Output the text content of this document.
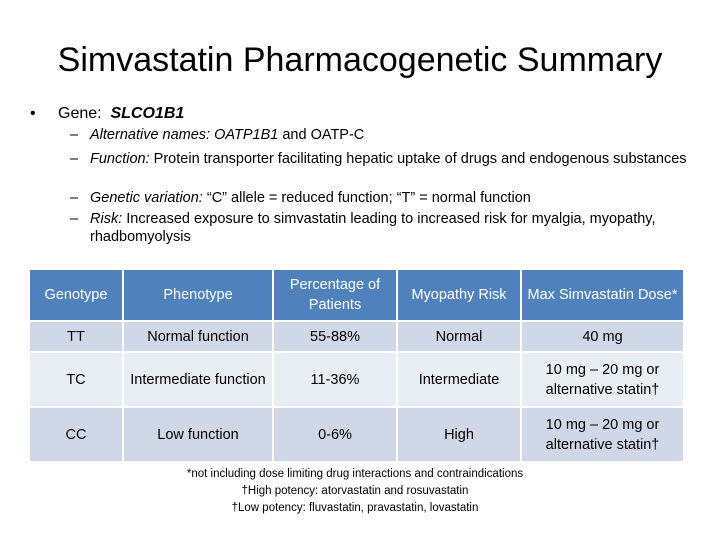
Simvastatin Pharmacogenetic Summary
• Gene: SLCO1B1
– Alternative names: OATP1B1 and OATP-C
– Function: Protein transporter facilitating hepatic uptake of drugs and endogenous substances
– Genetic variation: “C” allele = reduced function; “T” = normal function
– Risk: Increased exposure to simvastatin leading to increased risk for myalgia, myopathy, rhadbomyolysis
Genotype	Phenotype	Percentage of Patients	Myopathy Risk	Max Simvastatin Dose*
TT	Normal function	55-88%	Normal	40 mg
TC	Intermediate function	11-36%	Intermediate	10 mg – 20 mg or alternative statin†
CC	Low function	0-6%	High	10 mg – 20 mg or alternative statin†
*not including dose limiting drug interactions and contraindications
†High potency: atorvastatin and rosuvastatin
†Low potency: fluvastatin, pravastatin, lovastatin
